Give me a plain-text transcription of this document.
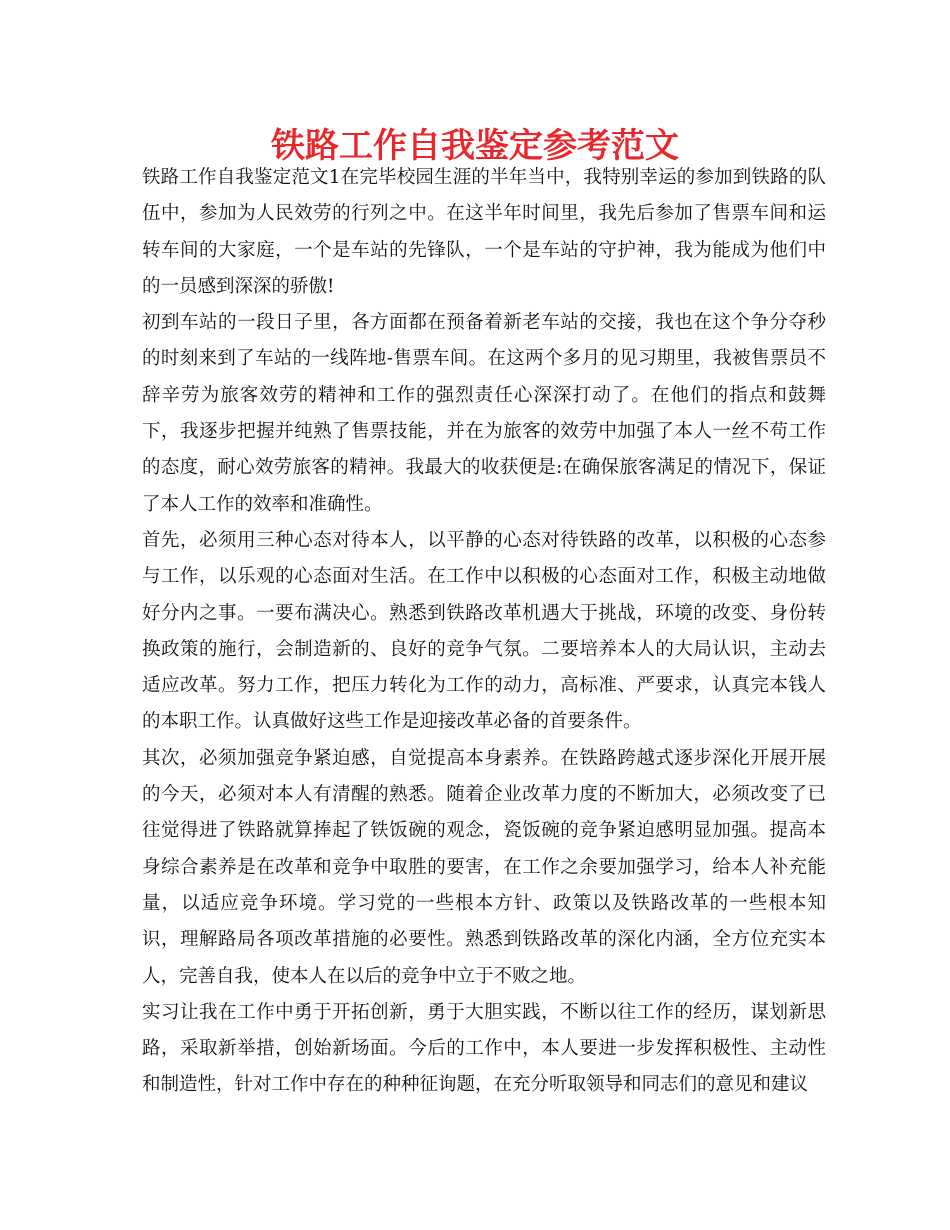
铁路工作自我鉴定参考范文

铁路工作自我鉴定范文1在完毕校园生涯的半年当中，我特别幸运的参加到铁路的队伍中，参加为人民效劳的行列之中。在这半年时间里，我先后参加了售票车间和运转车间的大家庭，一个是车站的先锋队，一个是车站的守护神，我为能成为他们中的一员感到深深的骄傲!

初到车站的一段日子里，各方面都在预备着新老车站的交接，我也在这个争分夺秒的时刻来到了车站的一线阵地-售票车间。在这两个多月的见习期里，我被售票员不辞辛劳为旅客效劳的精神和工作的强烈责任心深深打动了。在他们的指点和鼓舞下，我逐步把握并纯熟了售票技能，并在为旅客的效劳中加强了本人一丝不苟工作的态度，耐心效劳旅客的精神。我最大的收获便是:在确保旅客满足的情况下，保证了本人工作的效率和准确性。

首先，必须用三种心态对待本人，以平静的心态对待铁路的改革，以积极的心态参与工作，以乐观的心态面对生活。在工作中以积极的心态面对工作，积极主动地做好分内之事。一要布满决心。熟悉到铁路改革机遇大于挑战，环境的改变、身份转换政策的施行，会制造新的、良好的竞争气氛。二要培养本人的大局认识，主动去适应改革。努力工作，把压力转化为工作的动力，高标准、严要求，认真完本钱人的本职工作。认真做好这些工作是迎接改革必备的首要条件。

其次，必须加强竞争紧迫感，自觉提高本身素养。在铁路跨越式逐步深化开展开展的今天，必须对本人有清醒的熟悉。随着企业改革力度的不断加大，必须改变了已往觉得进了铁路就算捧起了铁饭碗的观念，瓷饭碗的竞争紧迫感明显加强。提高本身综合素养是在改革和竞争中取胜的要害，在工作之余要加强学习，给本人补充能量，以适应竞争环境。学习党的一些根本方针、政策以及铁路改革的一些根本知识，理解路局各项改革措施的必要性。熟悉到铁路改革的深化内涵，全方位充实本人，完善自我，使本人在以后的竞争中立于不败之地。

实习让我在工作中勇于开拓创新，勇于大胆实践，不断以往工作的经历，谋划新思路，采取新举措，创始新场面。今后的工作中，本人要进一步发挥积极性、主动性和制造性，针对工作中存在的种种征询题，在充分听取领导和同志们的意见和建议
